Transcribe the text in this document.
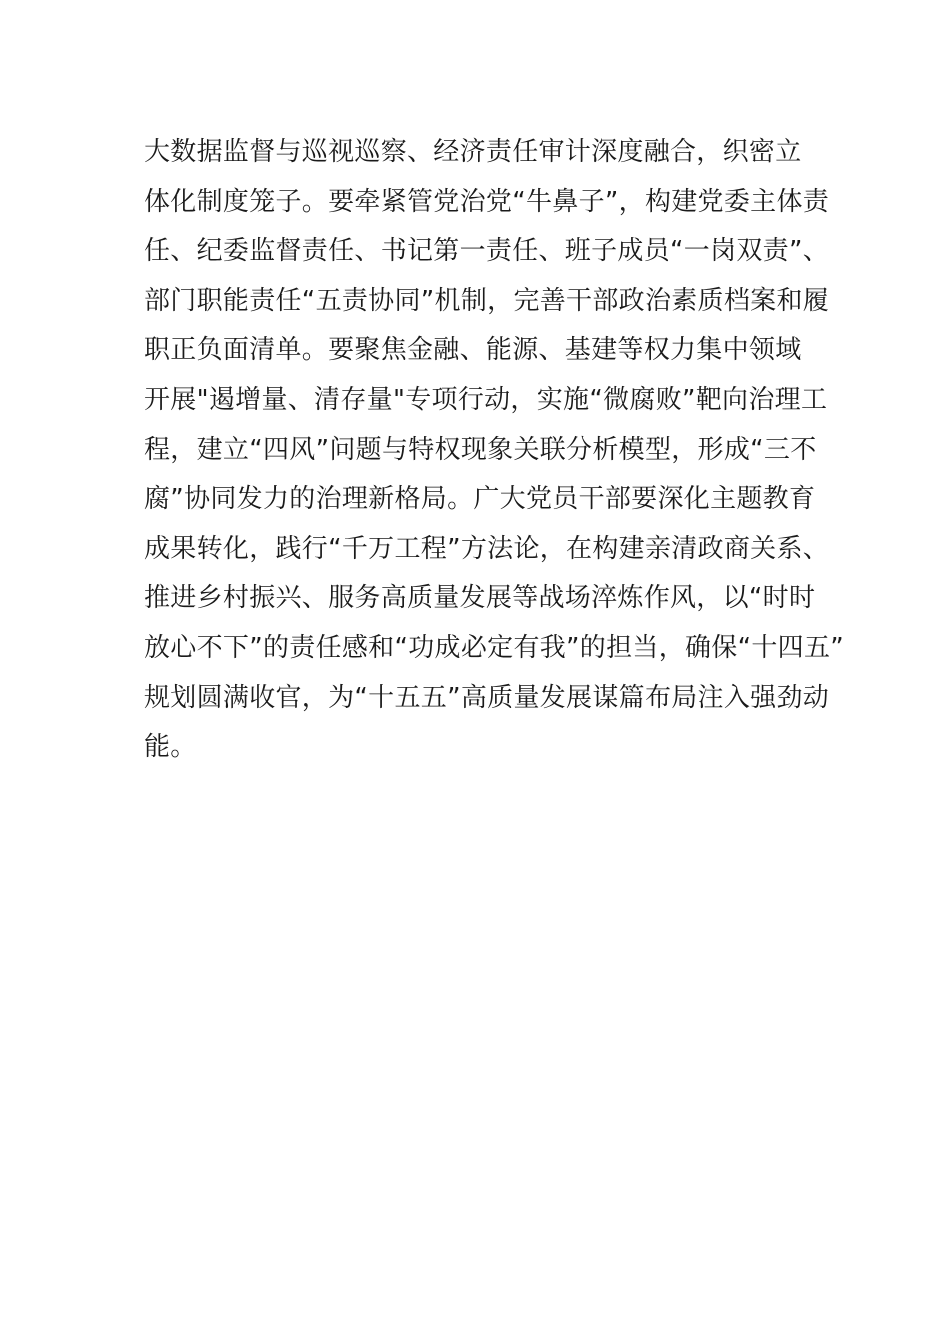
大数据监督与巡视巡察、经济责任审计深度融合，织密立
体化制度笼子。要牵紧管党治党“牛鼻子”，构建党委主体责
任、纪委监督责任、书记第一责任、班子成员“一岗双责”、
部门职能责任“五责协同”机制，完善干部政治素质档案和履
职正负面清单。要聚焦金融、能源、基建等权力集中领域
开展"遏增量、清存量"专项行动，实施“微腐败”靶向治理工
程，建立“四风”问题与特权现象关联分析模型，形成“三不
腐”协同发力的治理新格局。广大党员干部要深化主题教育
成果转化，践行“千万工程”方法论，在构建亲清政商关系、
推进乡村振兴、服务高质量发展等战场淬炼作风，以“时时
放心不下”的责任感和“功成必定有我”的担当，确保“十四五”
规划圆满收官，为“十五五”高质量发展谋篇布局注入强劲动
能。
